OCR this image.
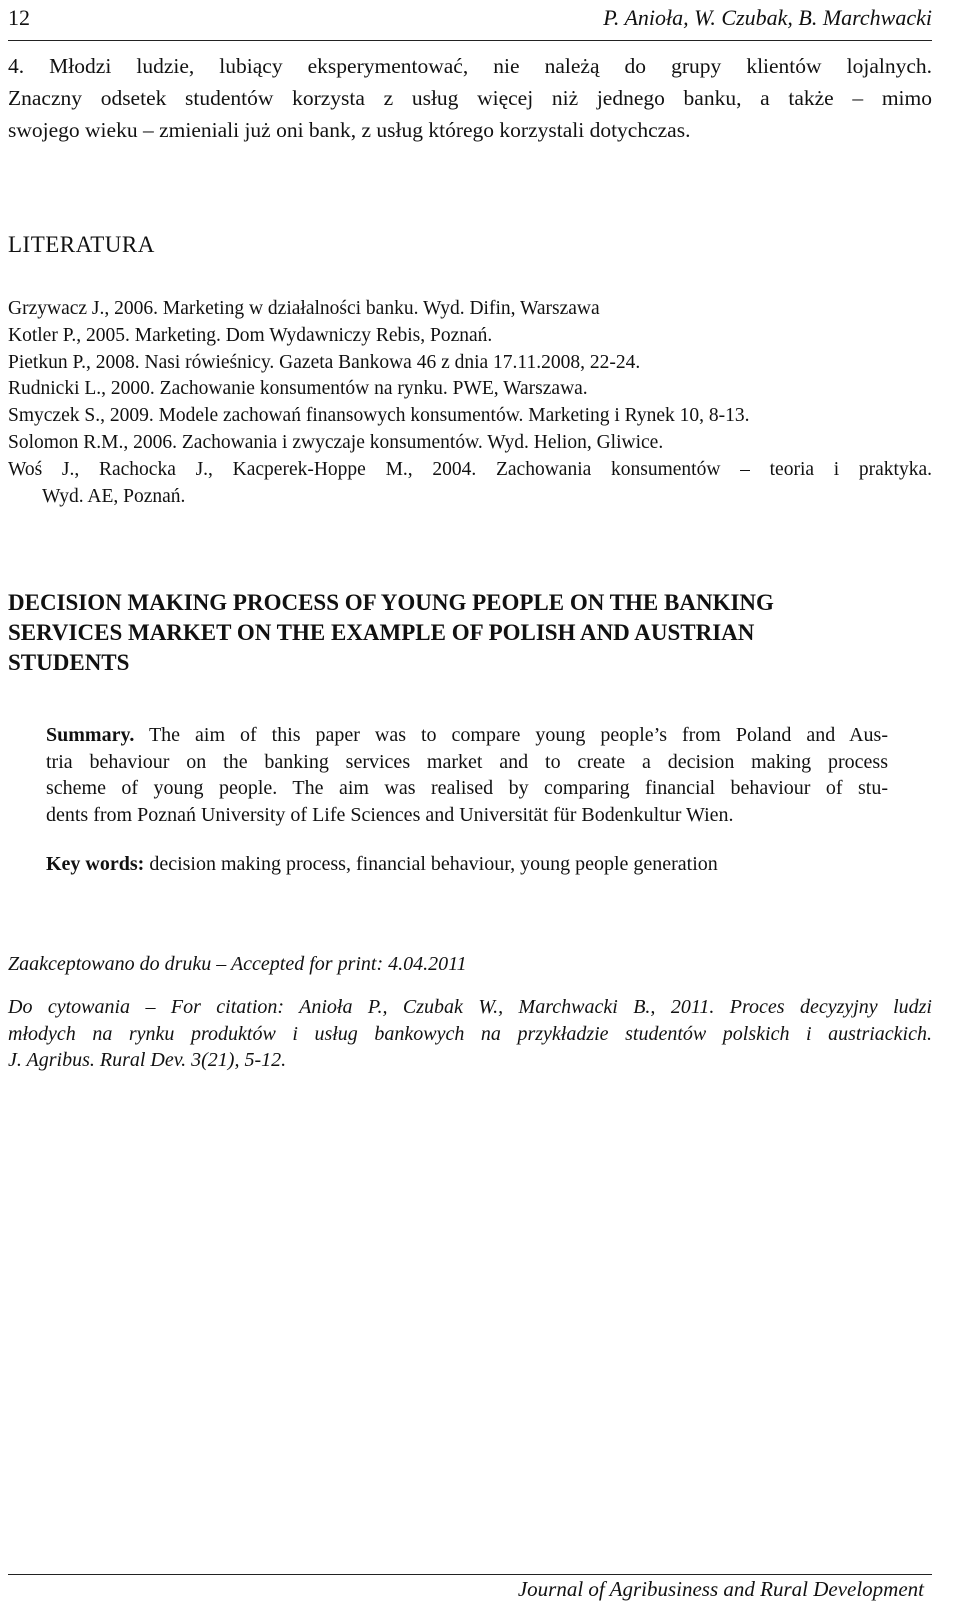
12	P. Anioła, W. Czubak, B. Marchwacki
4. Młodzi ludzie, lubiący eksperymentować, nie należą do grupy klientów lojalnych.
Znaczny odsetek studentów korzysta z usług więcej niż jednego banku, a także – mimo
swojego wieku – zmieniali już oni bank, z usług którego korzystali dotychczas.
LITERATURA
Grzywacz J., 2006. Marketing w działalności banku. Wyd. Difin, Warszawa
Kotler P., 2005. Marketing. Dom Wydawniczy Rebis, Poznań.
Pietkun P., 2008. Nasi rówieśnicy. Gazeta Bankowa 46 z dnia 17.11.2008, 22-24.
Rudnicki L., 2000. Zachowanie konsumentów na rynku. PWE, Warszawa.
Smyczek S., 2009. Modele zachowań finansowych konsumentów. Marketing i Rynek 10, 8-13.
Solomon R.M., 2006. Zachowania i zwyczaje konsumentów. Wyd. Helion, Gliwice.
Woś J., Rachocka J., Kacperek-Hoppe M., 2004. Zachowania konsumentów – teoria i praktyka.
Wyd. AE, Poznań.
DECISION MAKING PROCESS OF YOUNG PEOPLE ON THE BANKING
SERVICES MARKET ON THE EXAMPLE OF POLISH AND AUSTRIAN
STUDENTS
Summary. The aim of this paper was to compare young people’s from Poland and Aus-
tria behaviour on the banking services market and to create a decision making process
scheme of young people. The aim was realised by comparing financial behaviour of stu-
dents from Poznań University of Life Sciences and Universität für Bodenkultur Wien.
Key words: decision making process, financial behaviour, young people generation
Zaakceptowano do druku – Accepted for print: 4.04.2011
Do cytowania – For citation: Anioła P., Czubak W., Marchwacki B., 2011. Proces decyzyjny ludzi
młodych na rynku produktów i usług bankowych na przykładzie studentów polskich i austriackich.
J. Agribus. Rural Dev. 3(21), 5-12.
Journal of Agribusiness and Rural Development
